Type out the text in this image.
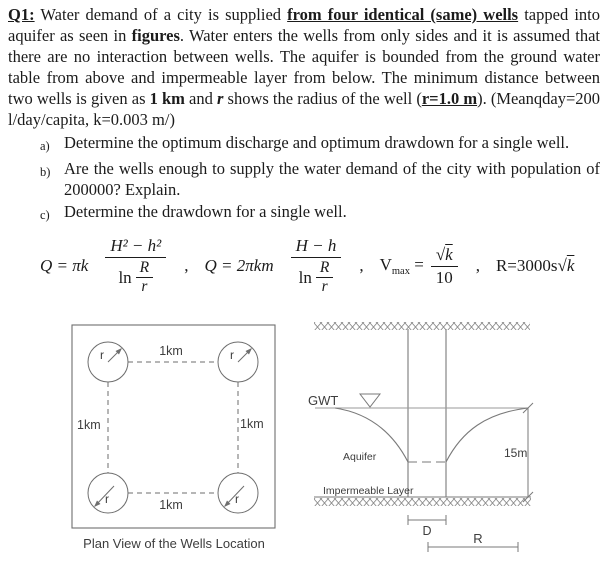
Q1: Water demand of a city is supplied from four identical (same) wells tapped into aquifer as seen in figures. Water enters the wells from only sides and it is assumed that there are no interaction between wells. The aquifer is bounded from the ground water table from above and impermeable layer from below. The minimum distance between two wells is given as 1 km and r shows the radius of the well (r=1.0 m). (Meanqday=200 l/day/capita, k=0.003 m/)
a) Determine the optimum discharge and optimum drawdown for a single well.
b) Are the wells enough to supply the water demand of the city with population of 200000? Explain.
c) Determine the drawdown for a single well.
Q = πk $\frac{\text{H² − h²}}{\ln \frac{R}{r}}$ , $Q = 2\pi km \frac{H - h}{\ln \frac{R}{r}}$ , $V_{max} = \frac{√k}{10}$ , R=3000s√k
r	r
r	r
1km
1km	1km
1km
Plan View of the Wells Location
GWT
Aquifer
Impermeable Layer
15m
D	R
